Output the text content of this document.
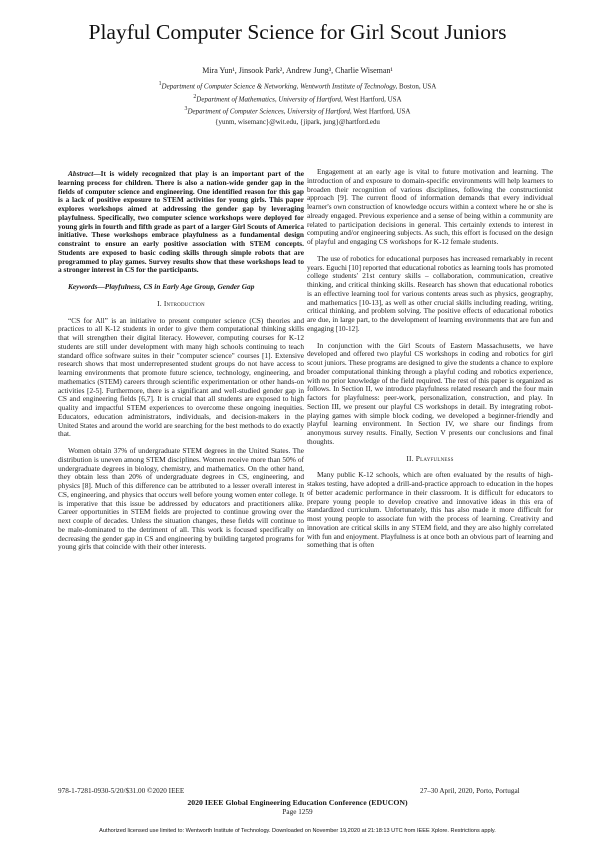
Playful Computer Science for Girl Scout Juniors
Mira Yun¹, Jinsook Park², Andrew Jung³, Charlie Wiseman¹
$^1$Department of Computer Science & Networking, Wentworth Institute of Technology, Boston, USA
$^2$Department of Mathematics, University of Hartford, West Hartford, USA
$^3$Department of Computer Sciences, University of Hartford, West Hartford, USA
{yunm, wisemanc}@wit.edu, {jipark, jung}@hartford.edu

Abstract—It is widely recognized that play is an important part of the learning process for children. There is also a nation-wide gender gap in the fields of computer science and engineering. One identified reason for this gap is a lack of positive exposure to STEM activities for young girls. This paper explores workshops aimed at addressing the gender gap by leveraging playfulness. Specifically, two computer science workshops were deployed for young girls in fourth and fifth grade as part of a larger Girl Scouts of America initiative. These workshops embrace playfulness as a fundamental design constraint to ensure an early positive association with STEM concepts. Students are exposed to basic coding skills through simple robots that are programmed to play games. Survey results show that these workshops lead to a stronger interest in CS for the participants.

Keywords—Playfulness, CS in Early Age Group, Gender Gap

I. Introduction

“CS for All” is an initiative to present computer science (CS) theories and practices to all K-12 students in order to give them computational thinking skills that will strengthen their digital literacy. However, computing courses for K-12 students are still under development with many high schools continuing to teach standard office software suites in their "computer science" courses [1]. Extensive research shows that most underrepresented student groups do not have access to learning environments that promote future science, technology, engineering, and mathematics (STEM) careers through scientific experimentation or other hands-on activities [2-5]. Furthermore, there is a significant and well-studied gender gap in CS and engineering fields [6,7]. It is crucial that all students are exposed to high quality and impactful STEM experiences to overcome these ongoing inequities. Educators, education administrators, individuals, and decision-makers in the United States and around the world are searching for the best methods to do exactly that.

Women obtain 37% of undergraduate STEM degrees in the United States. The distribution is uneven among STEM disciplines. Women receive more than 50% of undergraduate degrees in biology, chemistry, and mathematics. On the other hand, they obtain less than 20% of undergraduate degrees in CS, engineering, and physics [8]. Much of this difference can be attributed to a lesser overall interest in CS, engineering, and physics that occurs well before young women enter college. It is imperative that this issue be addressed by educators and practitioners alike. Career opportunities in STEM fields are projected to continue growing over the next couple of decades. Unless the situation changes, these fields will continue to be male-dominated to the detriment of all. This work is focused specifically on decreasing the gender gap in CS and engineering by building targeted programs for young girls that coincide with their other interests.

Engagement at an early age is vital to future motivation and learning. The introduction of and exposure to domain-specific environments will help learners to broaden their recognition of various disciplines, following the constructionist approach [9]. The current flood of information demands that every individual learner's own construction of knowledge occurs within a context where he or she is already engaged. Previous experience and a sense of being within a community are related to participation decisions in general. This certainly extends to interest in computing and/or engineering subjects. As such, this effort is focused on the design of playful and engaging CS workshops for K-12 female students.

The use of robotics for educational purposes has increased remarkably in recent years. Eguchi [10] reported that educational robotics as learning tools has promoted college students' 21st century skills – collaboration, communication, creative thinking, and critical thinking skills. Research has shown that educational robotics is an effective learning tool for various contents areas such as physics, geography, and mathematics [10-13], as well as other crucial skills including reading, writing, critical thinking, and problem solving. The positive effects of educational robotics are due, in large part, to the development of learning environments that are fun and engaging [10-12].

In conjunction with the Girl Scouts of Eastern Massachusetts, we have developed and offered two playful CS workshops in coding and robotics for girl scout juniors. These programs are designed to give the students a chance to explore broader computational thinking through a playful coding and robotics experience, with no prior knowledge of the field required. The rest of this paper is organized as follows. In Section II, we introduce playfulness related research and the four main factors for playfulness: peer-work, personalization, construction, and play. In Section III, we present our playful CS workshops in detail. By integrating robot-playing games with simple block coding, we developed a beginner-friendly and playful learning environment. In Section IV, we share our findings from anonymous survey results. Finally, Section V presents our conclusions and final thoughts.

II. Playfulness

Many public K-12 schools, which are often evaluated by the results of high-stakes testing, have adopted a drill-and-practice approach to education in the hopes of better academic performance in their classroom. It is difficult for educators to prepare young people to develop creative and innovative ideas in this era of standardized curriculum. Unfortunately, this has also made it more difficult for most young people to associate fun with the process of learning. Creativity and innovation are critical skills in any STEM field, and they are also highly correlated with fun and enjoyment. Playfulness is at once both an obvious part of learning and something that is often

978-1-7281-0930-5/20/$31.00 ©2020 IEEE	27–30 April, 2020, Porto, Portugal
2020 IEEE Global Engineering Education Conference (EDUCON)
Page 1259
Authorized licensed use limited to: Wentworth Institute of Technology. Downloaded on November 19,2020 at 21:18:13 UTC from IEEE Xplore. Restrictions apply.
